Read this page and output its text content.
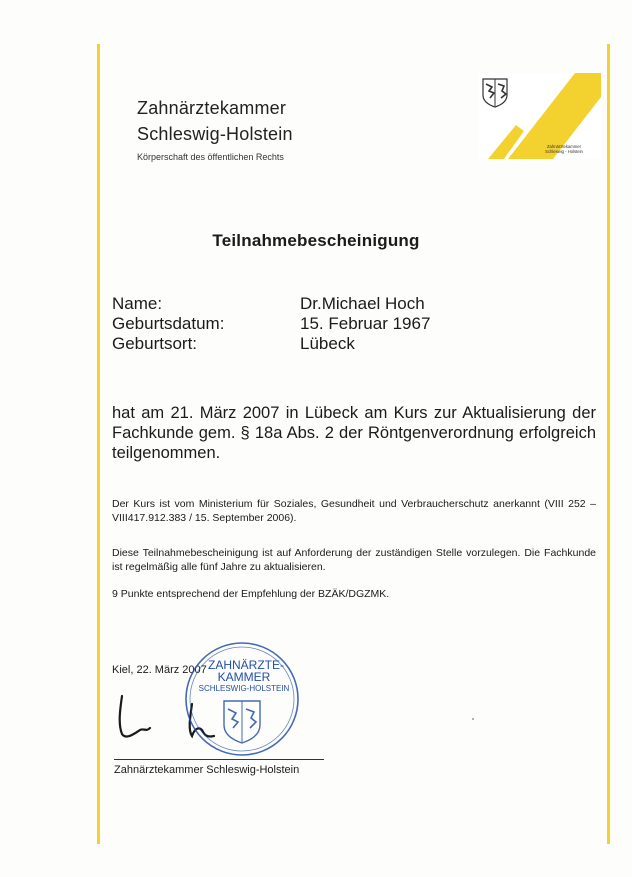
Zahnärztekammer
Schleswig-Holstein
Körperschaft des öffentlichen Rechts
Zahnärztekammer
Schleswig - Holstein
Teilnahmebescheinigung
Name:	Dr.Michael Hoch
Geburtsdatum:	15. Februar 1967
Geburtsort:	Lübeck
hat am 21. März 2007 in Lübeck am Kurs zur Aktualisierung der Fachkunde gem. § 18a Abs. 2 der Röntgenverordnung erfolgreich teilgenommen.
Der Kurs ist vom Ministerium für Soziales, Gesundheit und Verbraucherschutz anerkannt (VIII 252 – VIII417.912.383 / 15. September 2006).
Diese Teilnahmebescheinigung ist auf Anforderung der zuständigen Stelle vorzulegen. Die Fachkunde ist regelmäßig alle fünf Jahre zu aktualisieren.
9 Punkte entsprechend der Empfehlung der BZÄK/DGZMK.
Kiel, 22. März 2007 ZAHNÄRZTE-
KAMMER
SCHLESWIG-HOLSTEIN
Zahnärztekammer Schleswig-Holstein
